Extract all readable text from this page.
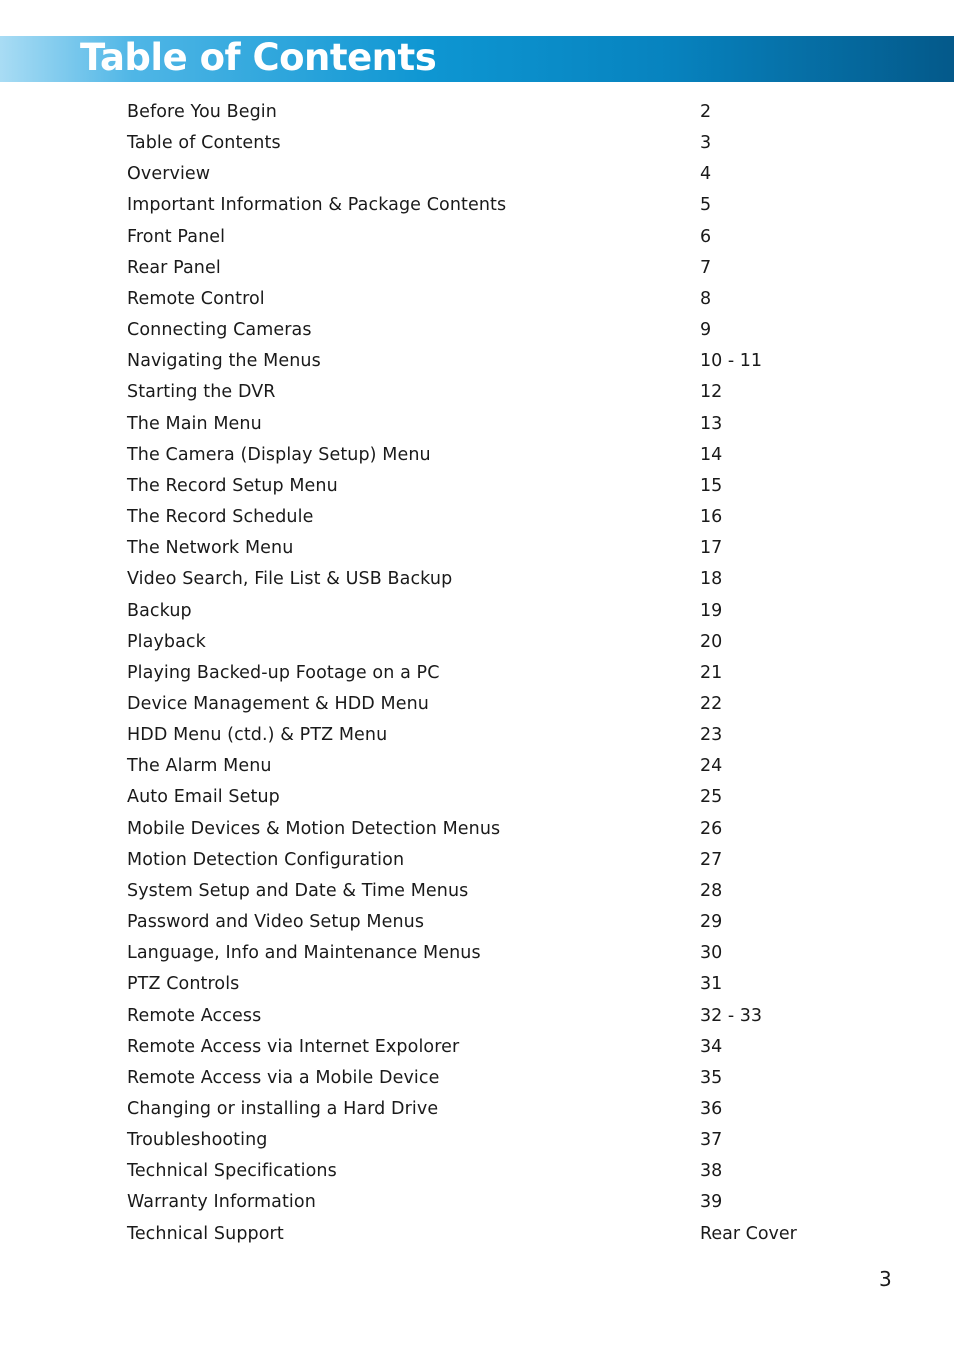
Table of Contents
Before You Begin	2
Table of Contents	3
Overview	4
Important Information & Package Contents	5
Front Panel	6
Rear Panel	7
Remote Control	8
Connecting Cameras	9
Navigating the Menus	10 - 11
Starting the DVR	12
The Main Menu	13
The Camera (Display Setup) Menu	14
The Record Setup Menu	15
The Record Schedule	16
The Network Menu	17
Video Search, File List & USB Backup	18
Backup	19
Playback	20
Playing Backed-up Footage on a PC	21
Device Management & HDD Menu	22
HDD Menu (ctd.) & PTZ Menu	23
The Alarm Menu	24
Auto Email Setup	25
Mobile Devices & Motion Detection Menus	26
Motion Detection Configuration	27
System Setup and Date & Time Menus	28
Password and Video Setup Menus	29
Language, Info and Maintenance Menus	30
PTZ Controls	31
Remote Access	32 - 33
Remote Access via Internet Expolorer	34
Remote Access via a Mobile Device	35
Changing or installing a Hard Drive	36
Troubleshooting	37
Technical Specifications	38
Warranty Information	39
Technical Support	Rear Cover
3
